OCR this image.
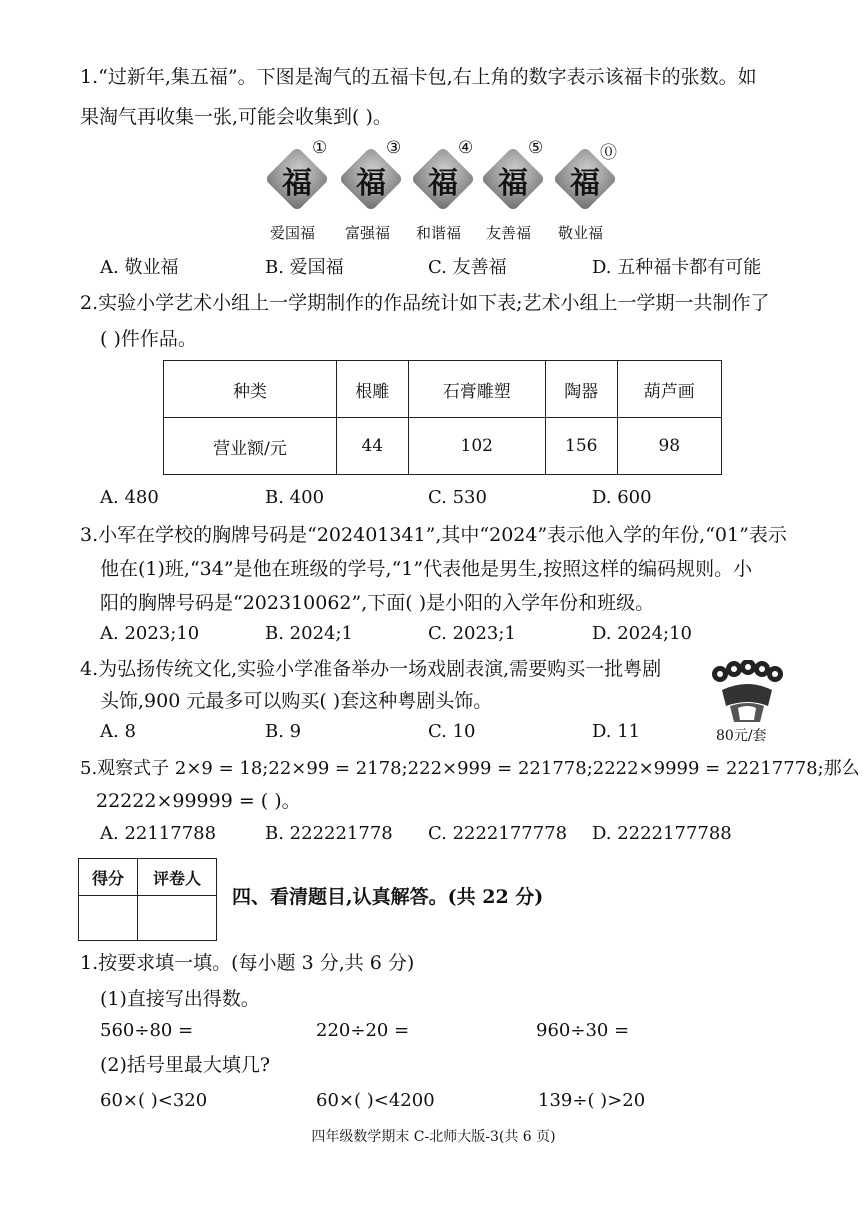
1.“过新年,集五福”。下图是淘气的五福卡包,右上角的数字表示该福卡的张数。如
果淘气再收集一张,可能会收集到( )。
福
①
福
③
福
④
福
⑤
福
⓪
爱国福 富强福 和谐福 友善福 敬业福
A. 敬业福	B. 爱国福	C. 友善福	D. 五种福卡都有可能
2.实验小学艺术小组上一学期制作的作品统计如下表;艺术小组上一学期一共制作了
( )件作品。
种类	根雕	石膏雕塑	陶器	葫芦画
营业额/元	44	102	156	98
A. 480	B. 400	C. 530	D. 600
3.小军在学校的胸牌号码是“202401341”,其中“2024”表示他入学的年份,“01”表示
他在(1)班,“34”是他在班级的学号,“1”代表他是男生,按照这样的编码规则。小
阳的胸牌号码是“202310062”,下面( )是小阳的入学年份和班级。
A. 2023;10	B. 2024;1	C. 2023;1	D. 2024;10
4.为弘扬传统文化,实验小学准备举办一场戏剧表演,需要购买一批粤剧
头饰,900 元最多可以购买( )套这种粤剧头饰。
80元/套
A. 8	B. 9	C. 10	D. 11
5.观察式子 2×9 = 18;22×99 = 2178;222×999 = 221778;2222×9999 = 22217778;那么
22222×99999 = ( )。
A. 22117788	B. 222221778 C. 2222177778 D. 2222177788
得分	评卷人

四、看清题目,认真解答。(共 22 分)
1.按要求填一填。(每小题 3 分,共 6 分)
(1)直接写出得数。
560÷80 =	220÷20 =	960÷30 =
(2)括号里最大填几?
60×( )<320	60×( )<4200	139÷( )>20
四年级数学期末 C-北师大版-3(共 6 页)
